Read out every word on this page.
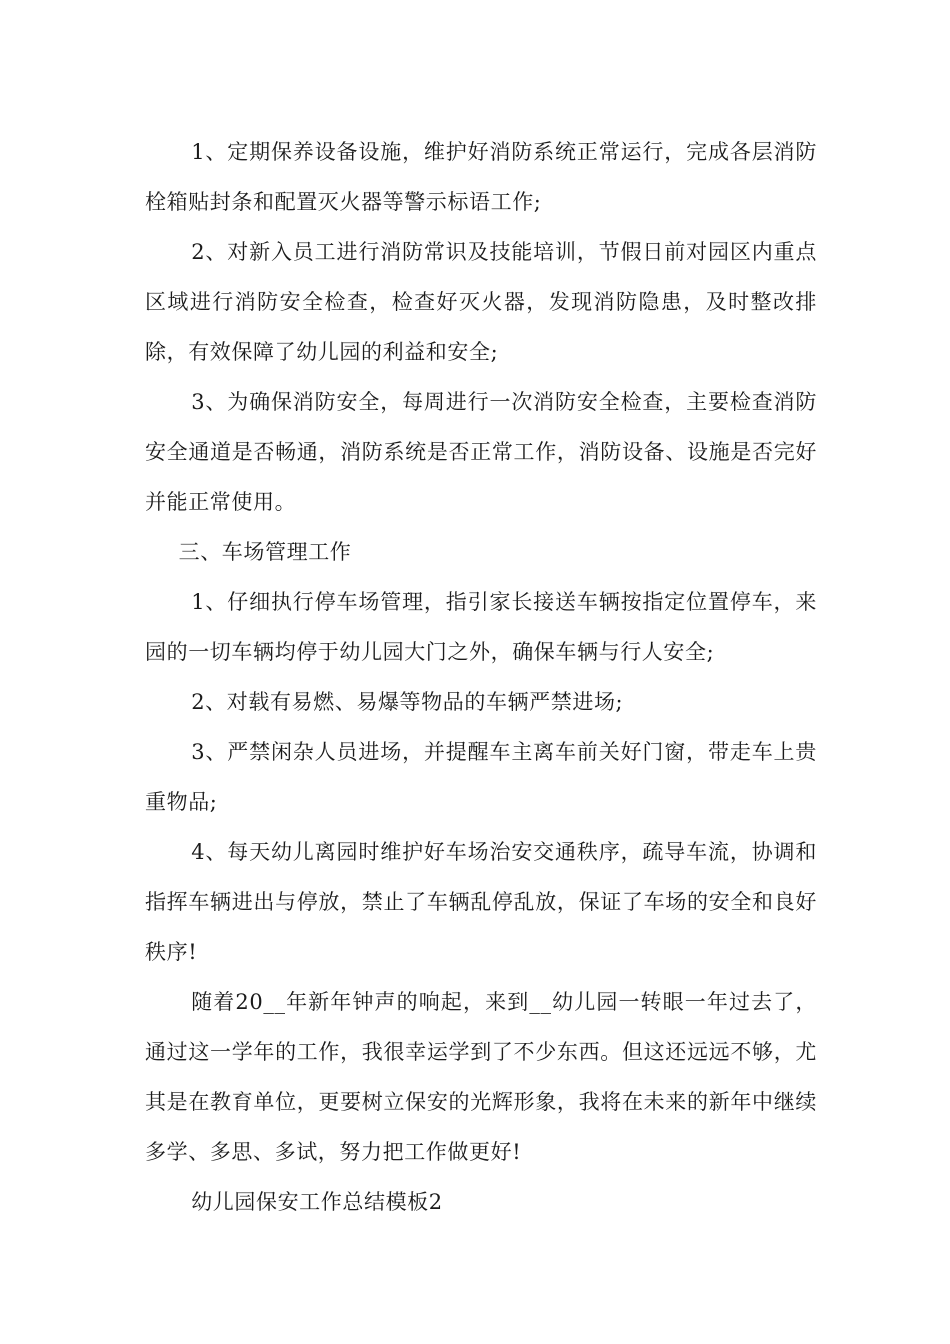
1、定期保养设备设施，维护好消防系统正常运行，完成各层消防栓箱贴封条和配置灭火器等警示标语工作;

2、对新入员工进行消防常识及技能培训，节假日前对园区内重点区域进行消防安全检查，检查好灭火器，发现消防隐患，及时整改排除，有效保障了幼儿园的利益和安全;

3、为确保消防安全，每周进行一次消防安全检查，主要检查消防安全通道是否畅通，消防系统是否正常工作，消防设备、设施是否完好并能正常使用。

三、车场管理工作

1、仔细执行停车场管理，指引家长接送车辆按指定位置停车，来园的一切车辆均停于幼儿园大门之外，确保车辆与行人安全;

2、对载有易燃、易爆等物品的车辆严禁进场;

3、严禁闲杂人员进场，并提醒车主离车前关好门窗，带走车上贵重物品;

4、每天幼儿离园时维护好车场治安交通秩序，疏导车流，协调和指挥车辆进出与停放，禁止了车辆乱停乱放，保证了车场的安全和良好秩序!

随着20__年新年钟声的响起，来到__幼儿园一转眼一年过去了，通过这一学年的工作，我很幸运学到了不少东西。但这还远远不够，尤其是在教育单位，更要树立保安的光辉形象，我将在未来的新年中继续多学、多思、多试，努力把工作做更好!

幼儿园保安工作总结模板2
